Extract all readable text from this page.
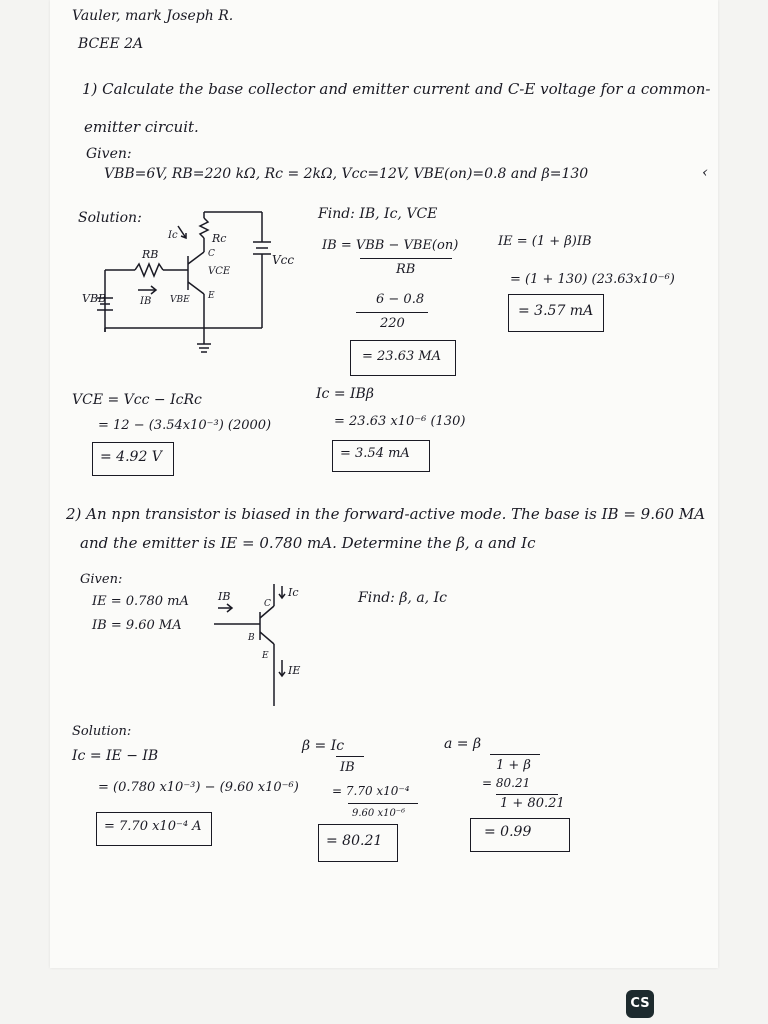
Vauler, mark Joseph R.
BCEE 2A
1) Calculate the base collector and emitter current and C-E voltage for a common-
emitter circuit.
Given:
VBB=6V, RB=220 kΩ, Rc = 2kΩ, Vcc=12V, VBE(on)=0.8 and β=130	‹
Solution:
VBB
RB
IB VBE
Rc
Ic
VCE
Vcc
C
E
Find: IB, Ic, VCE
IB = VBB − VBE(on)
RB
6 − 0.8
220
= 23.63 MA
IE = (1 + β)IB
= (1 + 130) (23.63x10⁻⁶)
= 3.57 mA
VCE = Vcc − IcRc
= 12 − (3.54x10⁻³) (2000)
= 4.92 V
Ic = IBβ
= 23.63 x10⁻⁶ (130)
= 3.54 mA
2) An npn transistor is biased in the forward-active mode. The base is IB = 9.60 MA
and the emitter is IE = 0.780 mA. Determine the β, a and Ic
Given:
IE = 0.780 mA
IB = 9.60 MA
Find: β, a, Ic
IB	Ic
IE
C
B
E
Solution:
Ic = IE − IB
= (0.780 x10⁻³) − (9.60 x10⁻⁶)
= 7.70 x10⁻⁴ A
β = Ic
IB
= 7.70 x10⁻⁴
9.60 x10⁻⁶
= 80.21
a = β
1 + β
= 80.21
1 + 80.21
= 0.99
CS
